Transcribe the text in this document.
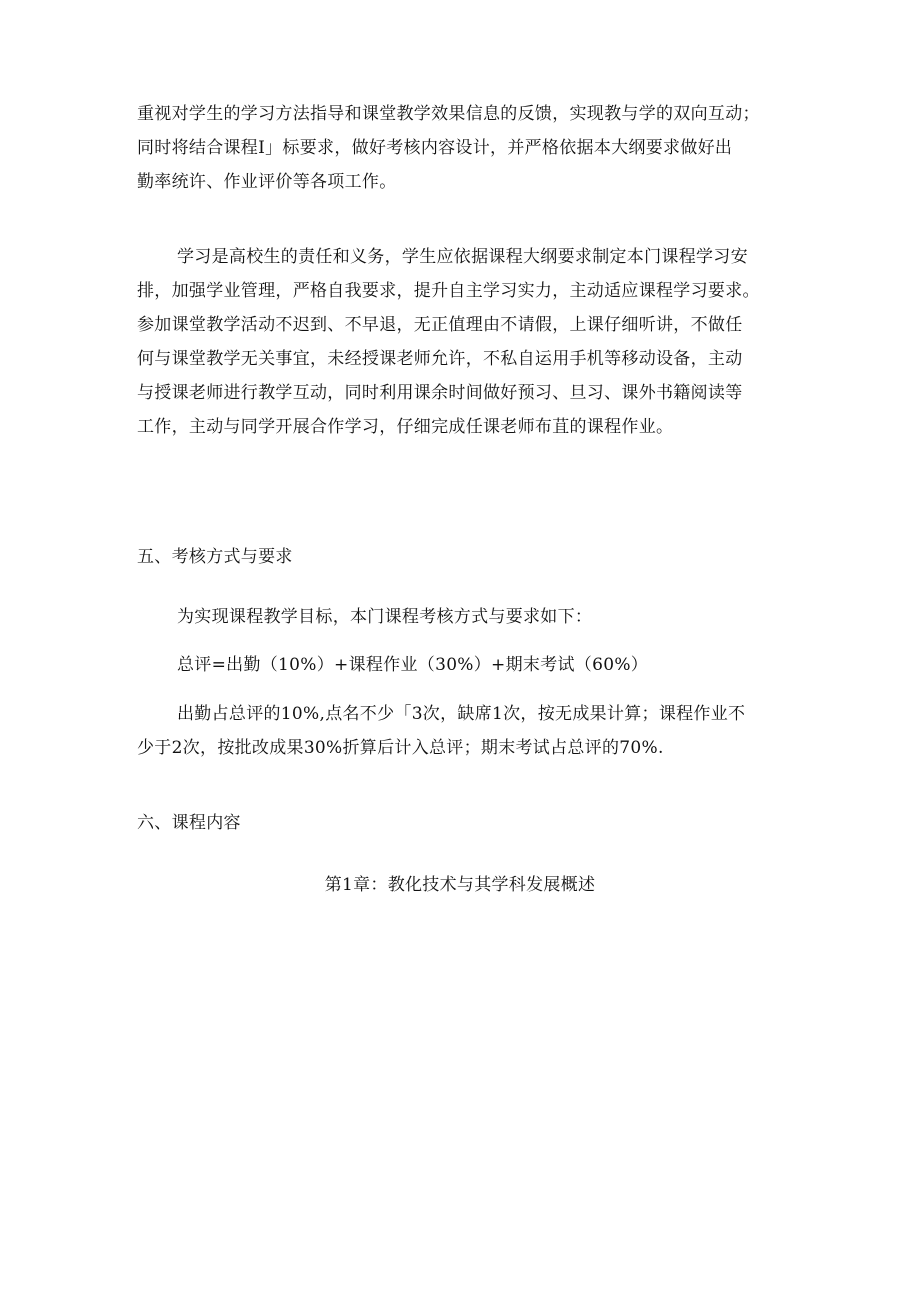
重视对学生的学习方法指导和课堂教学效果信息的反馈，实现教与学的双向互动；
同时将结合课程I」标要求，做好考核内容设计，并严格依据本大纲要求做好出
勤率统许、作业评价等各项工作。
学习是高校生的责任和义务，学生应依据课程大纲要求制定本门课程学习安
排，加强学业管理，严格自我要求，提升自主学习实力，主动适应课程学习要求。
参加课堂教学活动不迟到、不早退，无正值理由不请假，上课仔细听讲，不做任
何与课堂教学无关事宜，未经授课老师允许，不私自运用手机等移动设备，主动
与授课老师进行教学互动，同时利用课余时间做好预习、旦习、课外书籍阅读等
工作，主动与同学开展合作学习，仔细完成任课老师布苴的课程作业。
五、考核方式与要求

为实现课程教学目标，本门课程考核方式与要求如下：

总评=出勤（10%）+课程作业（30%）+期末考试（60%）

出勤占总评的10%,点名不少「3次，缺席1次，按无成果计算；课程作业不
少于2次，按批改成果30%折算后计入总评；期末考试占总评的70%.
六、课程内容

第1章：教化技术与其学科发展概述
